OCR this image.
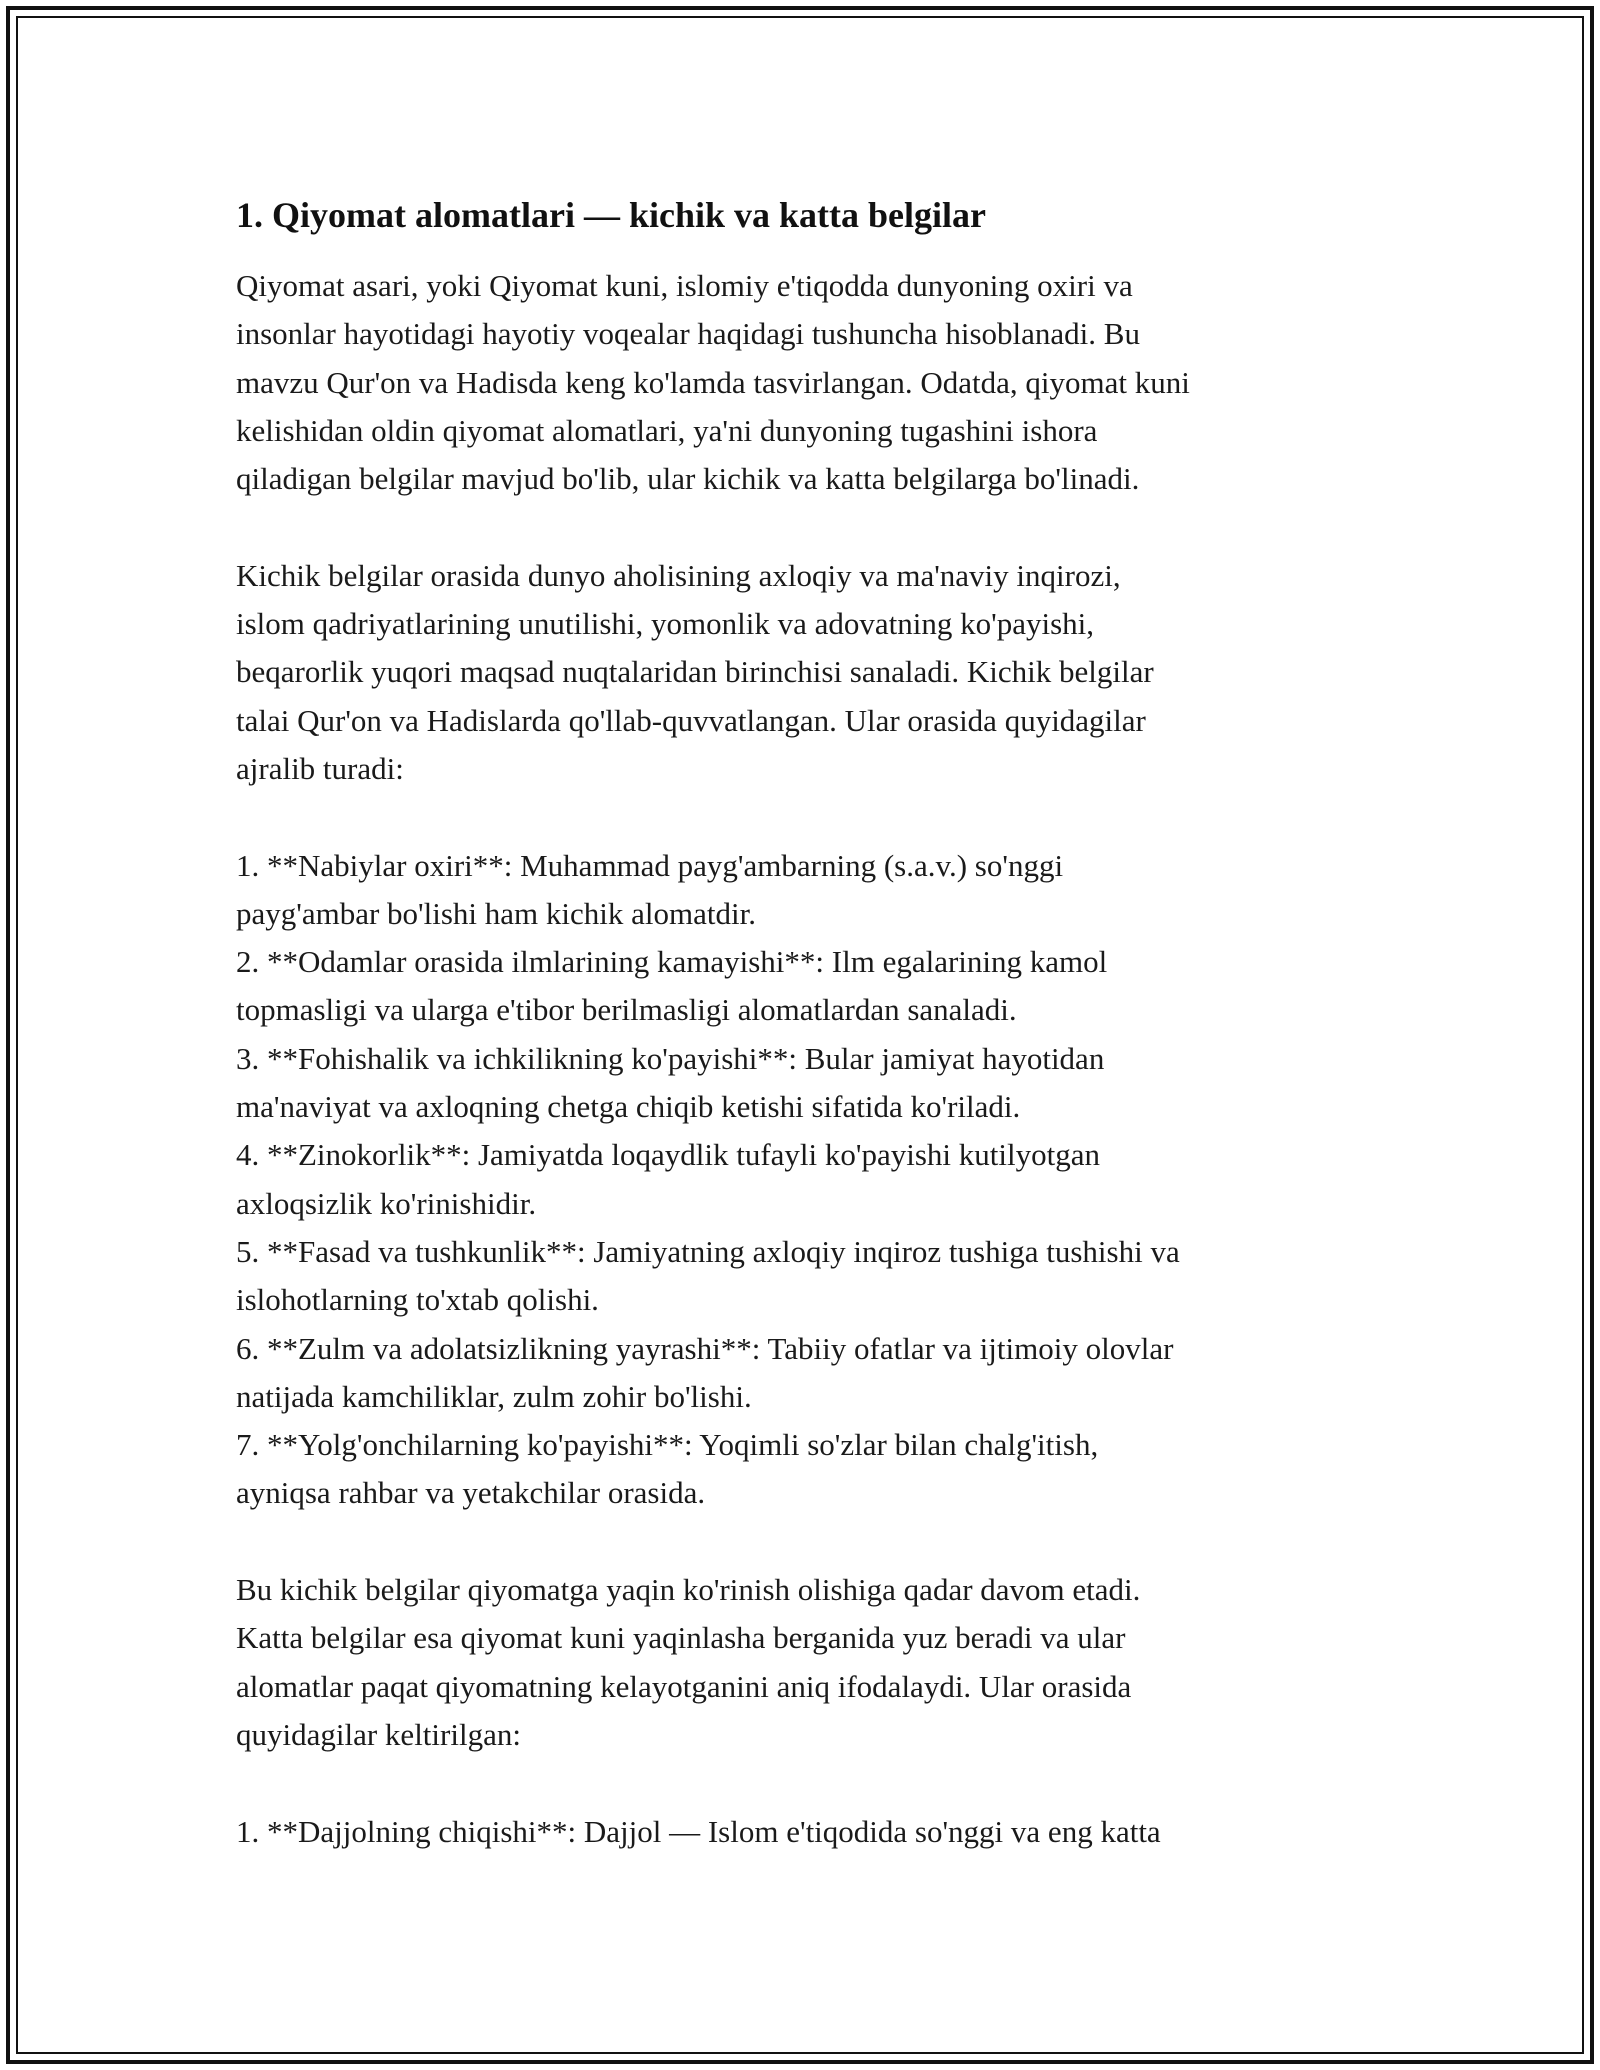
1. Qiyomat alomatlari — kichik va katta belgilar
Qiyomat asari, yoki Qiyomat kuni, islomiy e'tiqodda dunyoning oxiri va
insonlar hayotidagi hayotiy voqealar haqidagi tushuncha hisoblanadi. Bu
mavzu Qur'on va Hadisda keng ko'lamda tasvirlangan. Odatda, qiyomat kuni
kelishidan oldin qiyomat alomatlari, ya'ni dunyoning tugashini ishora
qiladigan belgilar mavjud bo'lib, ular kichik va katta belgilarga bo'linadi.
Kichik belgilar orasida dunyo aholisining axloqiy va ma'naviy inqirozi,
islom qadriyatlarining unutilishi, yomonlik va adovatning ko'payishi,
beqarorlik yuqori maqsad nuqtalaridan birinchisi sanaladi. Kichik belgilar
talai Qur'on va Hadislarda qo'llab-quvvatlangan. Ular orasida quyidagilar
ajralib turadi:
1. **Nabiylar oxiri**: Muhammad payg'ambarning (s.a.v.) so'nggi
payg'ambar bo'lishi ham kichik alomatdir.
2. **Odamlar orasida ilmlarining kamayishi**: Ilm egalarining kamol
topmasligi va ularga e'tibor berilmasligi alomatlardan sanaladi.
3. **Fohishalik va ichkilikning ko'payishi**: Bular jamiyat hayotidan
ma'naviyat va axloqning chetga chiqib ketishi sifatida ko'riladi.
4. **Zinokorlik**: Jamiyatda loqaydlik tufayli ko'payishi kutilyotgan
axloqsizlik ko'rinishidir.
5. **Fasad va tushkunlik**: Jamiyatning axloqiy inqiroz tushiga tushishi va
islohotlarning to'xtab qolishi.
6. **Zulm va adolatsizlikning yayrashi**: Tabiiy ofatlar va ijtimoiy olovlar
natijada kamchiliklar, zulm zohir bo'lishi.
7. **Yolg'onchilarning ko'payishi**: Yoqimli so'zlar bilan chalg'itish,
ayniqsa rahbar va yetakchilar orasida.
Bu kichik belgilar qiyomatga yaqin ko'rinish olishiga qadar davom etadi.
Katta belgilar esa qiyomat kuni yaqinlasha berganida yuz beradi va ular
alomatlar paqat qiyomatning kelayotganini aniq ifodalaydi. Ular orasida
quyidagilar keltirilgan:
1. **Dajjolning chiqishi**: Dajjol — Islom e'tiqodida so'nggi va eng katta
